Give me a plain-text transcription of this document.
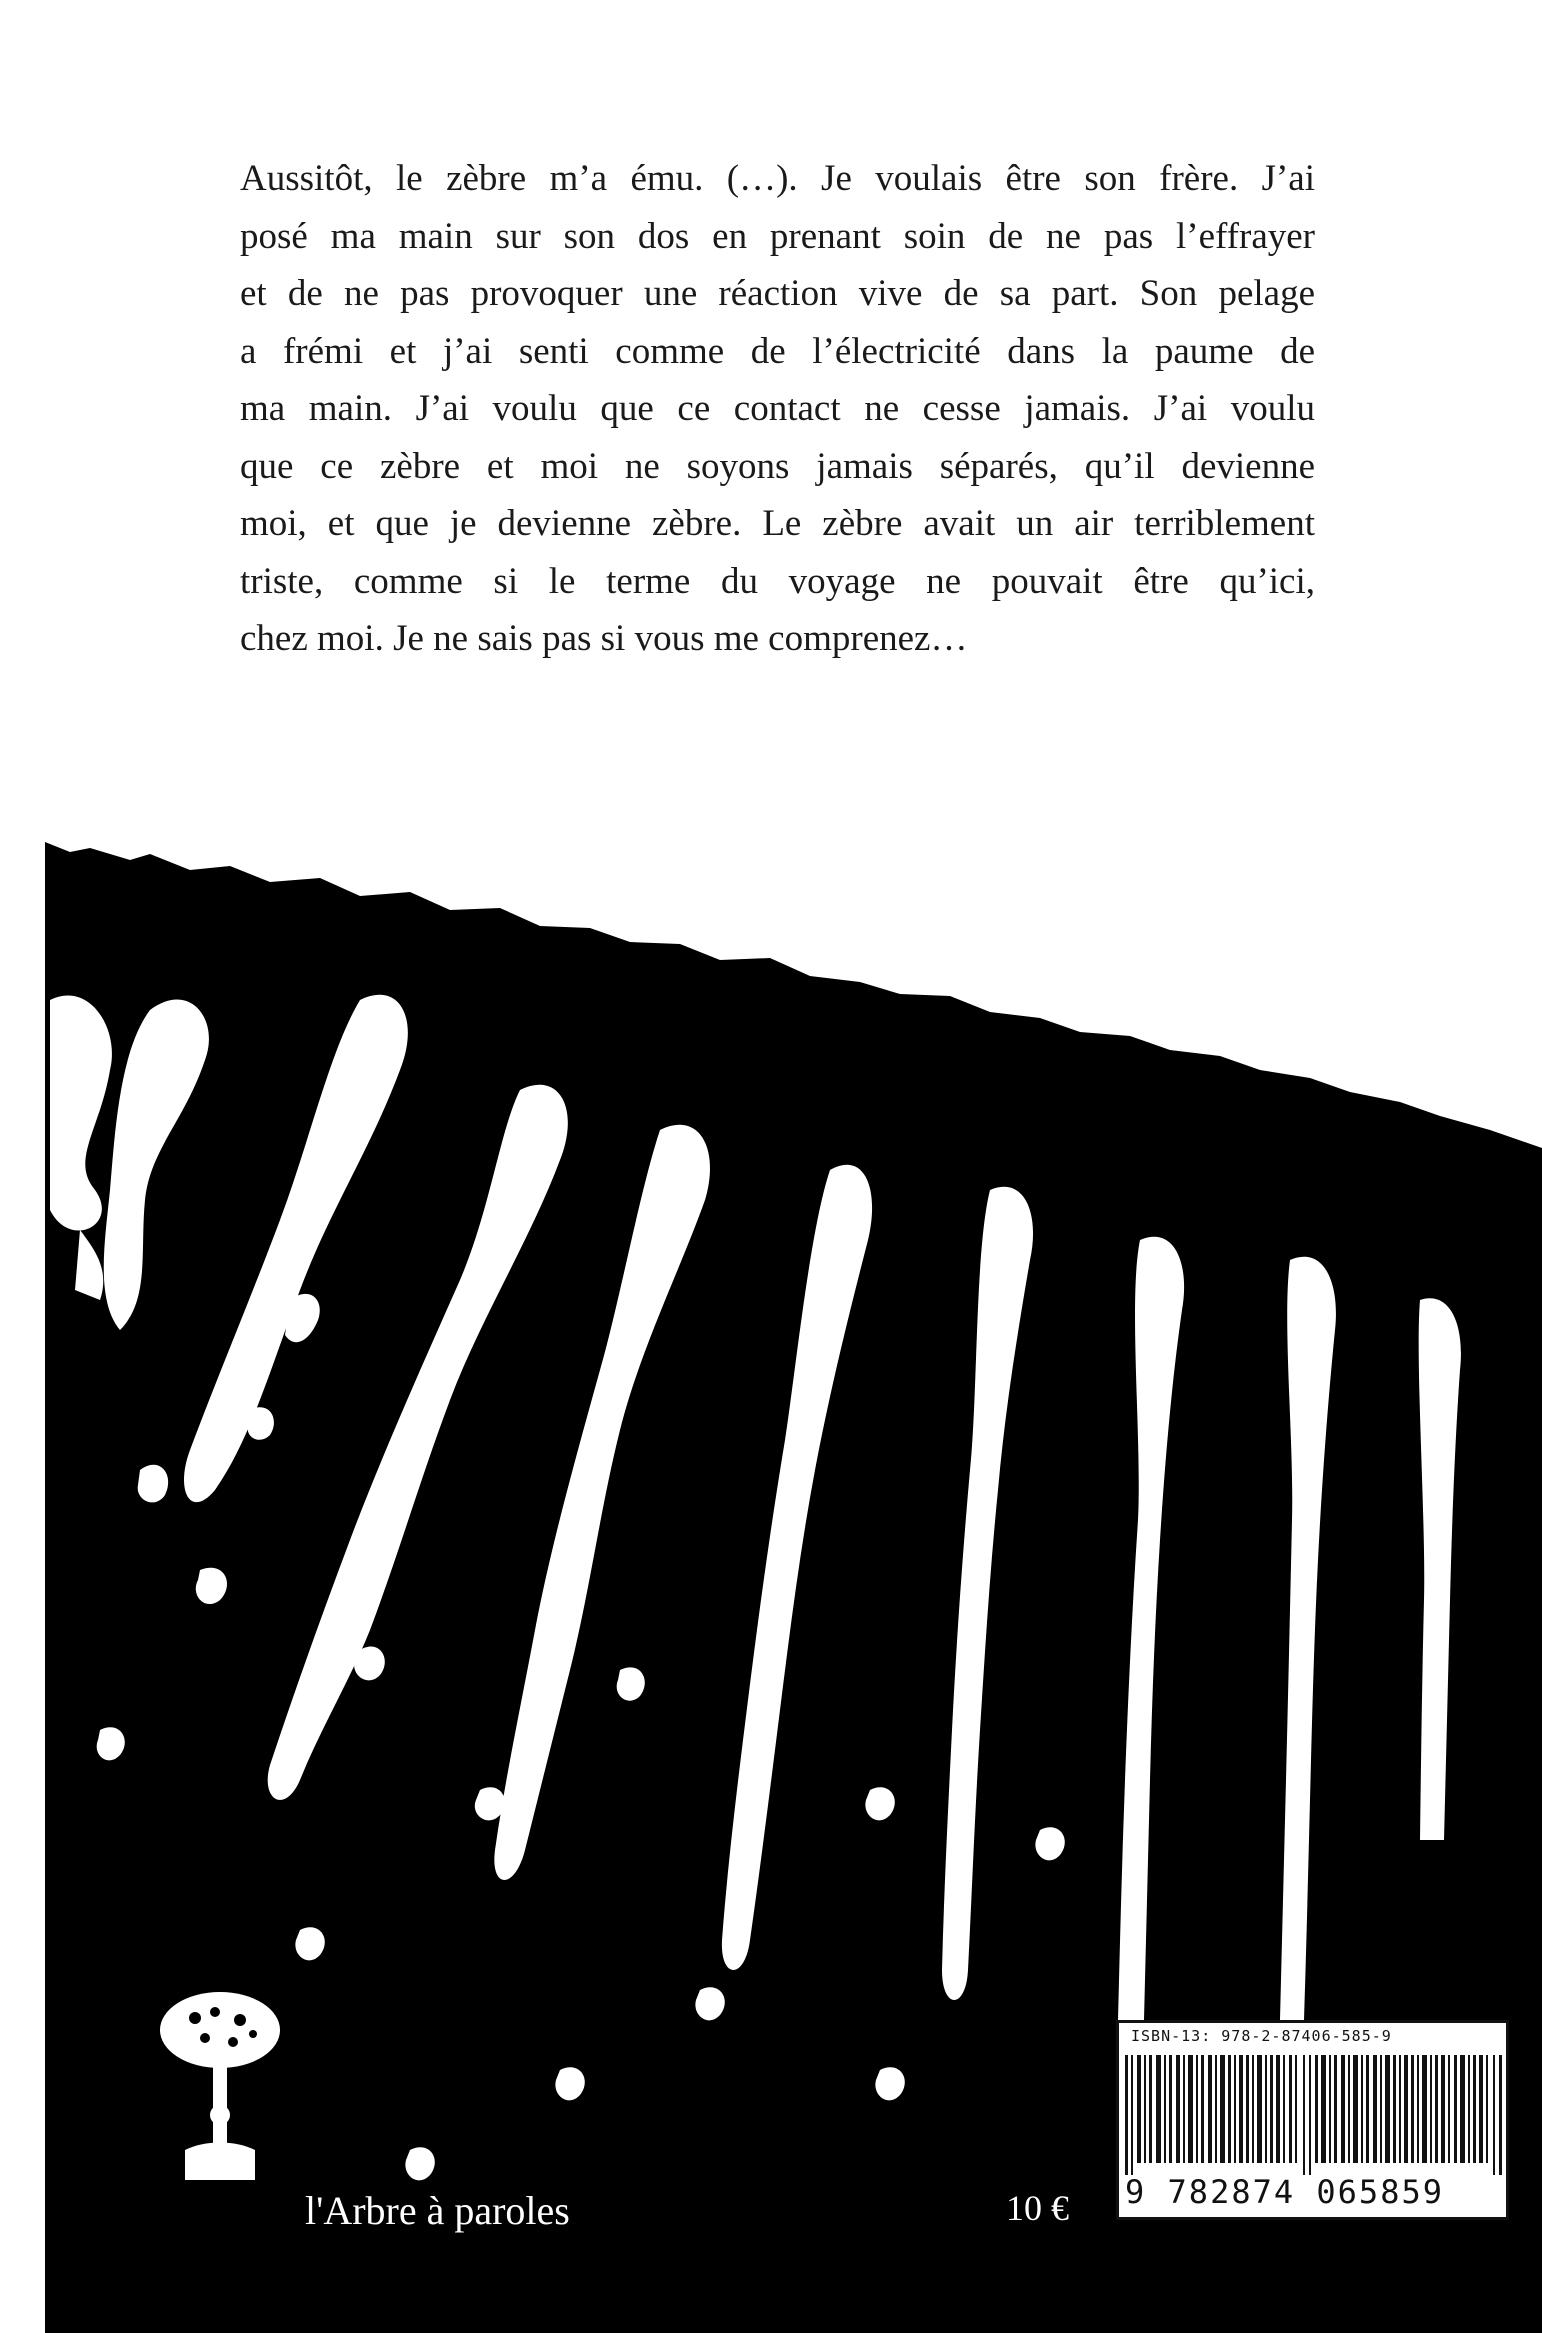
Aussitôt, le zèbre m’a ému. (…). Je voulais être son frère. J’ai
posé ma main sur son dos en prenant soin de ne pas l’effrayer
et de ne pas provoquer une réaction vive de sa part. Son pelage
a frémi et j’ai senti comme de l’électricité dans la paume de
ma main. J’ai voulu que ce contact ne cesse jamais. J’ai voulu
que ce zèbre et moi ne soyons jamais séparés, qu’il devienne
moi, et que je devienne zèbre. Le zèbre avait un air terriblement
triste, comme si le terme du voyage ne pouvait être qu’ici,
chez moi. Je ne sais pas si vous me comprenez…

l'Arbre à paroles	10 €

ISBN-13: 978-2-87406-585-9
9 782874 065859
